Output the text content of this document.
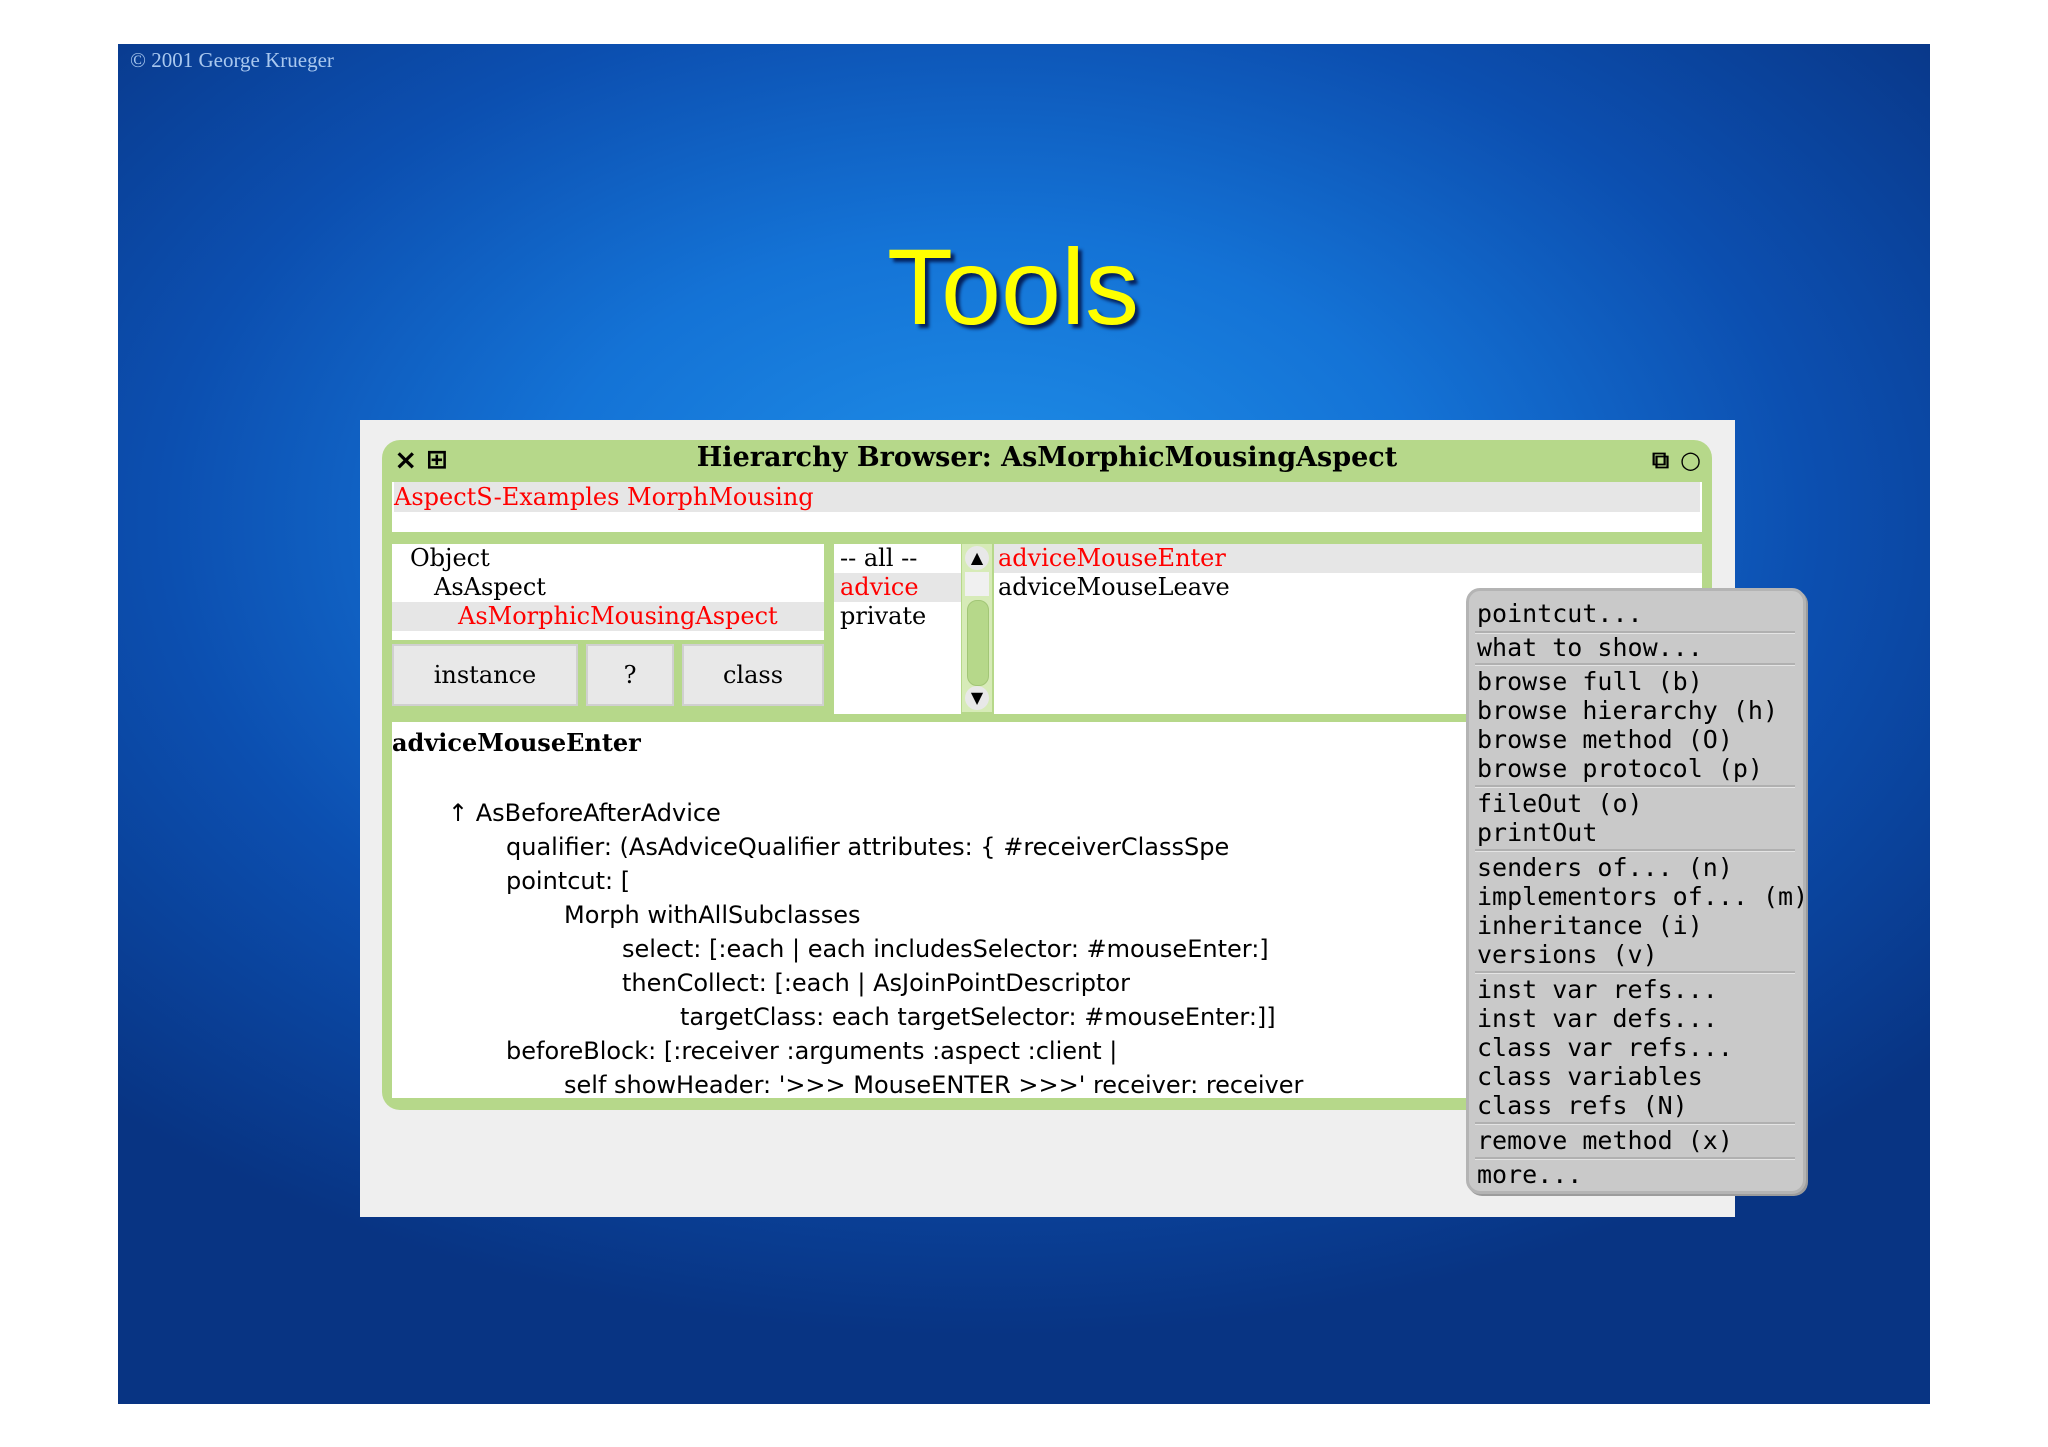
© 2001 George Krueger
Tools
× ⊞	Hierarchy Browser: AsMorphicMousingAspect	⧉ ○
AspectS-Examples MorphMousing
Object
AsAspect
AsMorphicMousingAspect
instance	?	class
-- all --
advice
private
▲
▼
adviceMouseEnter
adviceMouseLeave
adviceMouseEnter
↑ AsBeforeAfterAdvice
qualifier: (AsAdviceQualifier attributes: { #receiverClassSpe
pointcut: [
Morph withAllSubclasses
select: [:each | each includesSelector: #mouseEnter:]
thenCollect: [:each | AsJoinPointDescriptor
targetClass: each targetSelector: #mouseEnter:]]
beforeBlock: [:receiver :arguments :aspect :client |
self showHeader: '>>> MouseENTER >>>' receiver: receiver
pointcut...
what to show...
browse full (b)
browse hierarchy (h)
browse method (O)
browse protocol (p)
fileOut (o)
printOut
senders of... (n)
implementors of... (m)
inheritance (i)
versions (v)
inst var refs...
inst var defs...
class var refs...
class variables
class refs (N)
remove method (x)
more...
